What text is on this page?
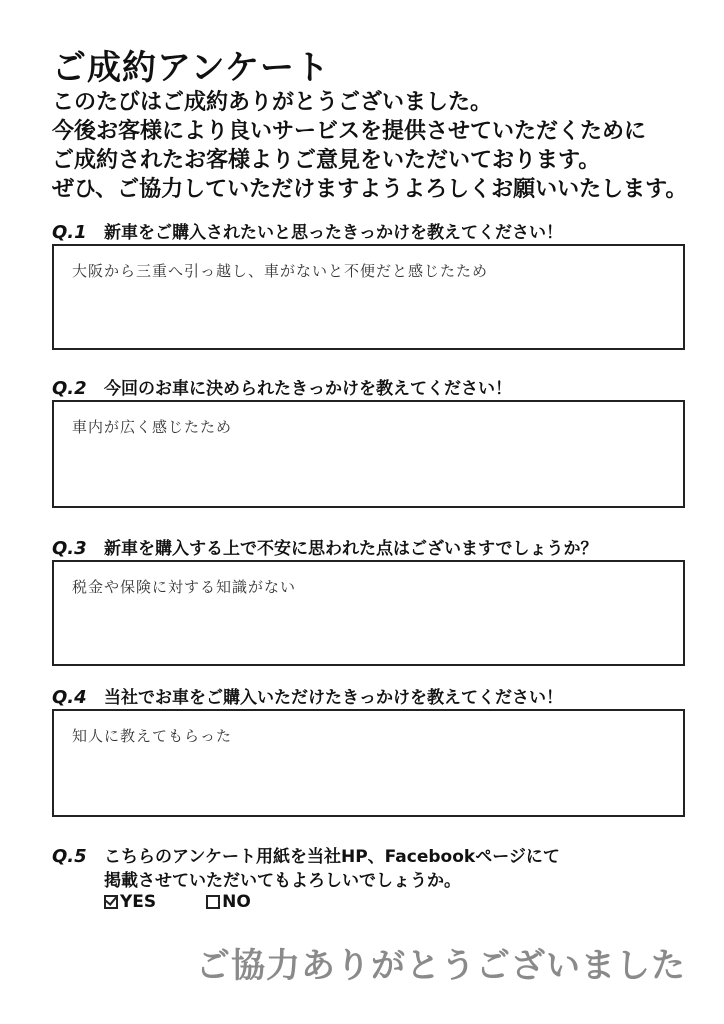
ご成約アンケート
このたびはご成約ありがとうございました。
今後お客様により良いサービスを提供させていただくために
ご成約されたお客様よりご意見をいただいております。
ぜひ、ご協力していただけますようよろしくお願いいたします。
Q.1 新車をご購入されたいと思ったきっかけを教えてください！
大阪から三重へ引っ越し、車がないと不便だと感じたため
Q.2 今回のお車に決められたきっかけを教えてください！
車内が広く感じたため
Q.3 新車を購入する上で不安に思われた点はございますでしょうか？
税金や保険に対する知識がない
Q.4 当社でお車をご購入いただけたきっかけを教えてください！
知人に教えてもらった
Q.5 こちらのアンケート用紙を当社HP、Facebookページにて
掲載させていただいてもよろしいでしょうか。
YES	NO
ご協力ありがとうございました
